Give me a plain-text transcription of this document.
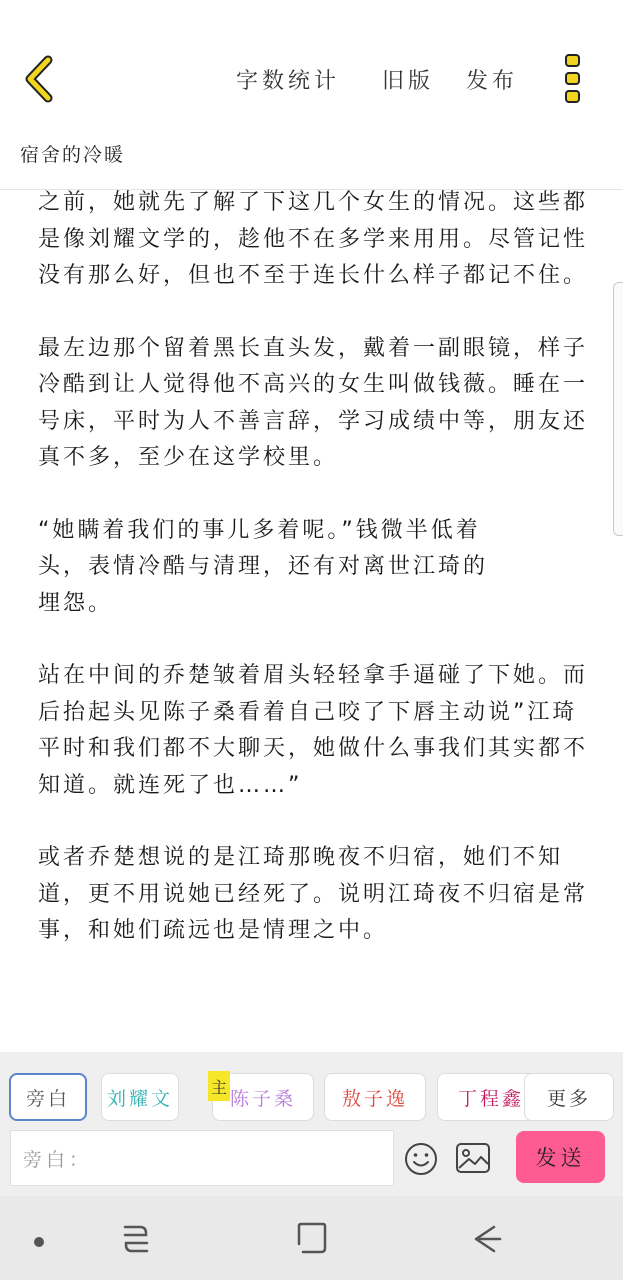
字数统计 旧版 发布
宿舍的冷暖

之前，她就先了解了下这几个女生的情况。这些都是像刘耀文学的，趁他不在多学来用用。尽管记性没有那么好，但也不至于连长什么样子都记不住。

最左边那个留着黑长直头发，戴着一副眼镜，样子冷酷到让人觉得他不高兴的女生叫做钱薇。睡在一号床，平时为人不善言辞，学习成绩中等，朋友还真不多，至少在这学校里。

“她瞒着我们的事儿多着呢。”钱微半低着头，表情冷酷与清理，还有对离世江琦的埋怨。

站在中间的乔楚皱着眉头轻轻拿手逼碰了下她。而后抬起头见陈子桑看着自己咬了下唇主动说”江琦平时和我们都不大聊天，她做什么事我们其实都不知道。就连死了也……”

或者乔楚想说的是江琦那晚夜不归宿，她们不知道，更不用说她已经死了。说明江琦夜不归宿是常事，和她们疏远也是情理之中。

旁白 刘耀文	陈子桑
主
敖子逸	丁程鑫 更多
旁白：	发送
